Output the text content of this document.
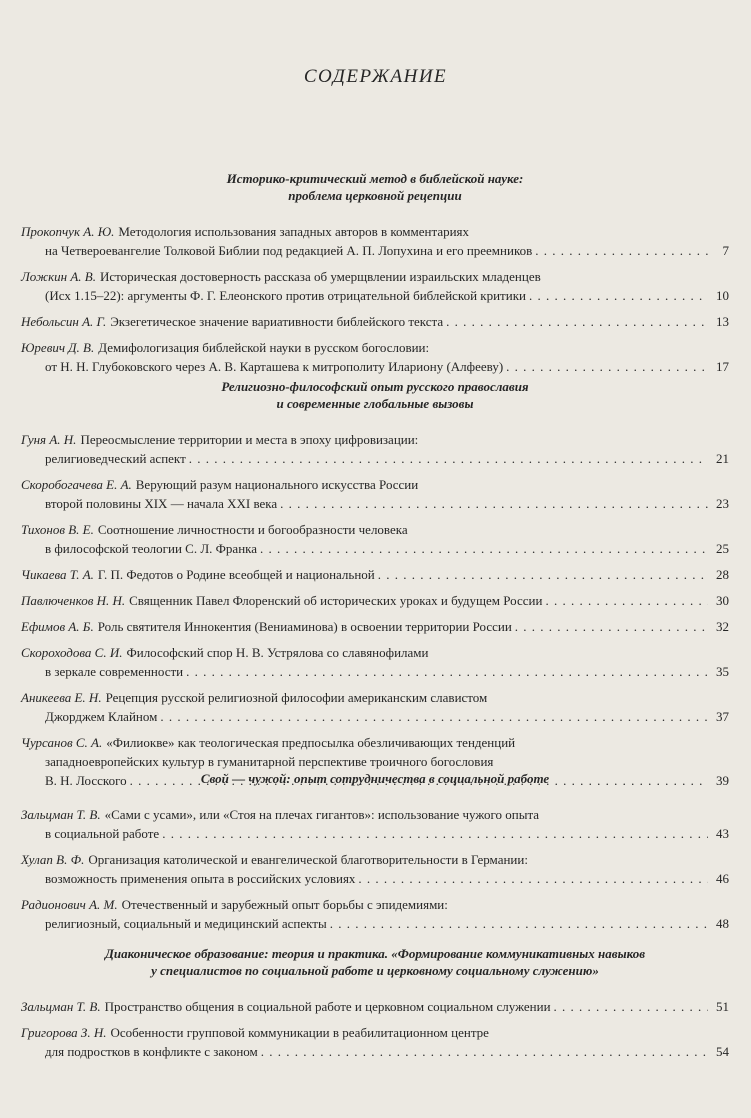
СОДЕРЖАНИЕ
Историко-критический метод в библейской науке:
проблема церковной рецепции
Прокопчук А. Ю. Методология использования западных авторов в комментариях
на Четвероевангелие Толковой Библии под редакцией А. П. Лопухина и его преемников . . .	7
Ложкин А. В. Историческая достоверность рассказа об умерщвлении израильских младенцев
(Исх 1.15–22): аргументы Ф. Г. Елеонского против отрицательной библейской критики . . .	10
Небольсин А. Г. Экзегетическое значение вариативности библейского текста . . .	13
Юревич Д. В. Демифологизация библейской науки в русском богословии:
от Н. Н. Глубоковского через А. В. Карташева к митрополиту Илариону (Алфееву) . . .	17
Религиозно-философский опыт русского православия
и современные глобальные вызовы
Гуня А. Н. Переосмысление территории и места в эпоху цифровизации:
религиоведческий аспект . . .	21
Скоробогачева Е. А. Верующий разум национального искусства России
второй половины XIX — начала XXI века . . .	23
Тихонов В. Е. Соотношение личностности и богообразности человека
в философской теологии С. Л. Франка . . .	25
Чикаева Т. А. Г. П. Федотов о Родине всеобщей и национальной . . .	28
Павлюченков Н. Н. Священник Павел Флоренский об исторических уроках и будущем России . . .	30
Ефимов А. Б. Роль святителя Иннокентия (Вениаминова) в освоении территории России . . .	32
Скороходова С. И. Философский спор Н. В. Устрялова со славянофилами
в зеркале современности . . .	35
Аникеева Е. Н. Рецепция русской религиозной философии американским славистом
Джорджем Клайном . . .	37
Чурсанов С. А. «Филиокве» как теологическая предпосылка обезличивающих тенденций
западноевропейских культур в гуманитарной перспективе троичного богословия
В. Н. Лосского . . .	39
Свой — чужой: опыт сотрудничества в социальной работе
Зальцман Т. В. «Сами с усами», или «Стоя на плечах гигантов»: использование чужого опыта
в социальной работе . . .	43
Хулап В. Ф. Организация католической и евангелической благотворительности в Германии:
возможность применения опыта в российских условиях . . .	46
Радионович А. М. Отечественный и зарубежный опыт борьбы с эпидемиями:
религиозный, социальный и медицинский аспекты . . .	48
Диаконическое образование: теория и практика. «Формирование коммуникативных навыков
у специалистов по социальной работе и церковному социальному служению»
Зальцман Т. В. Пространство общения в социальной работе и церковном социальном служении . . .	51
Григорова З. Н. Особенности групповой коммуникации в реабилитационном центре
для подростков в конфликте с законом . . .	54
